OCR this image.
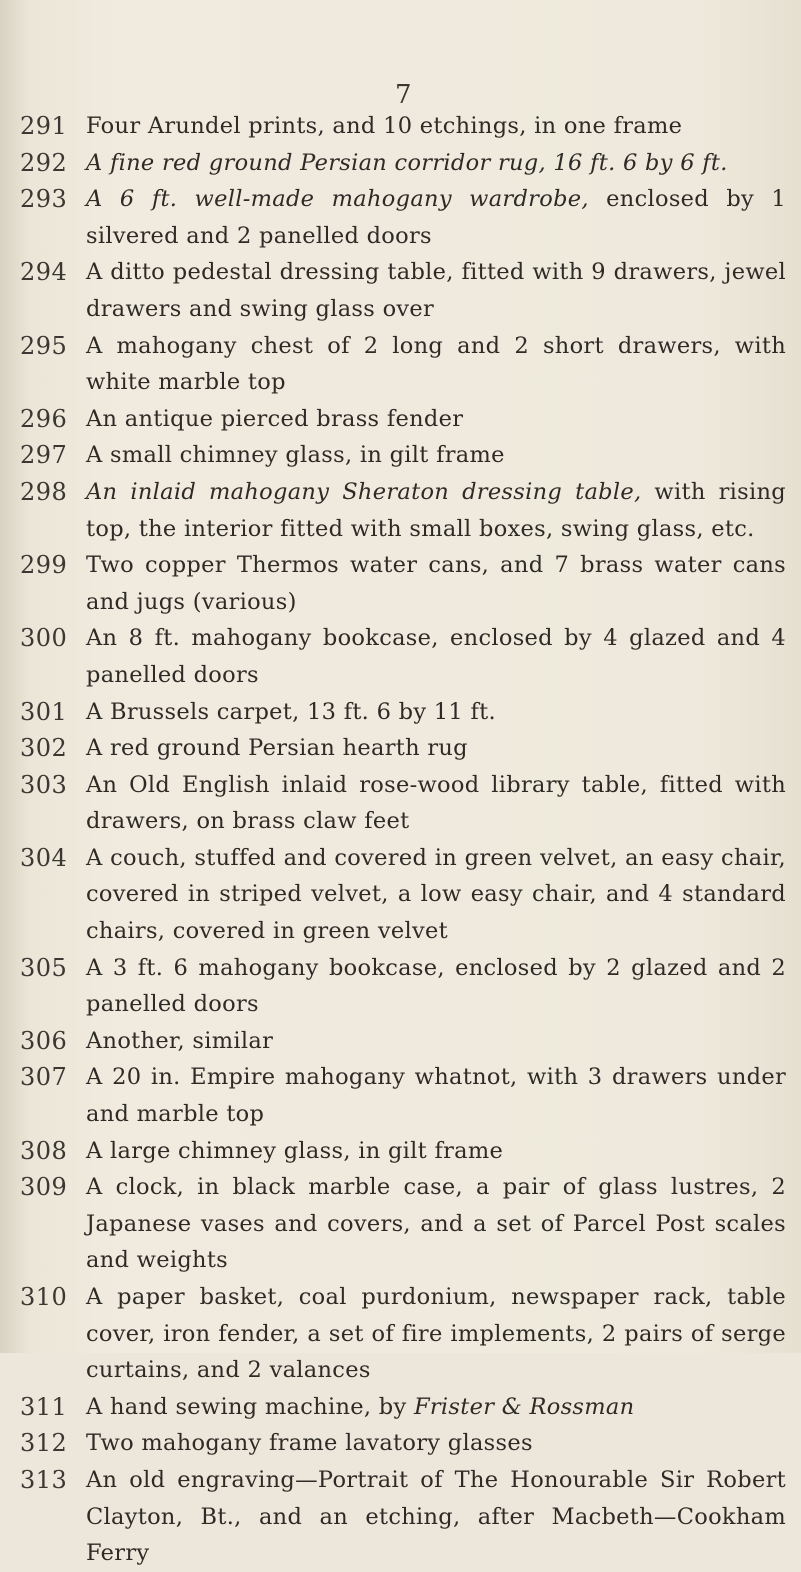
7
291 Four Arundel prints, and 10 etchings, in one frame
292 A fine red ground Persian corridor rug, 16 ft. 6 by 6 ft.
293 A 6 ft. well-made mahogany wardrobe, enclosed by 1 silvered and 2 panelled doors
294 A ditto pedestal dressing table, fitted with 9 drawers, jewel drawers and swing glass over
295 A mahogany chest of 2 long and 2 short drawers, with white marble top
296 An antique pierced brass fender
297 A small chimney glass, in gilt frame
298 An inlaid mahogany Sheraton dressing table, with rising top, the interior fitted with small boxes, swing glass, etc.
299 Two copper Thermos water cans, and 7 brass water cans and jugs (various)
300 An 8 ft. mahogany bookcase, enclosed by 4 glazed and 4 panelled doors
301 A Brussels carpet, 13 ft. 6 by 11 ft.
302 A red ground Persian hearth rug
303 An Old English inlaid rose-wood library table, fitted with drawers, on brass claw feet
304 A couch, stuffed and covered in green velvet, an easy chair, covered in striped velvet, a low easy chair, and 4 standard chairs, covered in green velvet
305 A 3 ft. 6 mahogany bookcase, enclosed by 2 glazed and 2 panelled doors
306 Another, similar
307 A 20 in. Empire mahogany whatnot, with 3 drawers under and marble top
308 A large chimney glass, in gilt frame
309 A clock, in black marble case, a pair of glass lustres, 2 Japanese vases and covers, and a set of Parcel Post scales and weights
310 A paper basket, coal purdonium, newspaper rack, table cover, iron fender, a set of fire implements, 2 pairs of serge curtains, and 2 valances
311 A hand sewing machine, by Frister & Rossman
312 Two mahogany frame lavatory glasses
313 An old engraving—Portrait of The Honourable Sir Robert Clayton, Bt., and an etching, after Macbeth—Cookham Ferry
